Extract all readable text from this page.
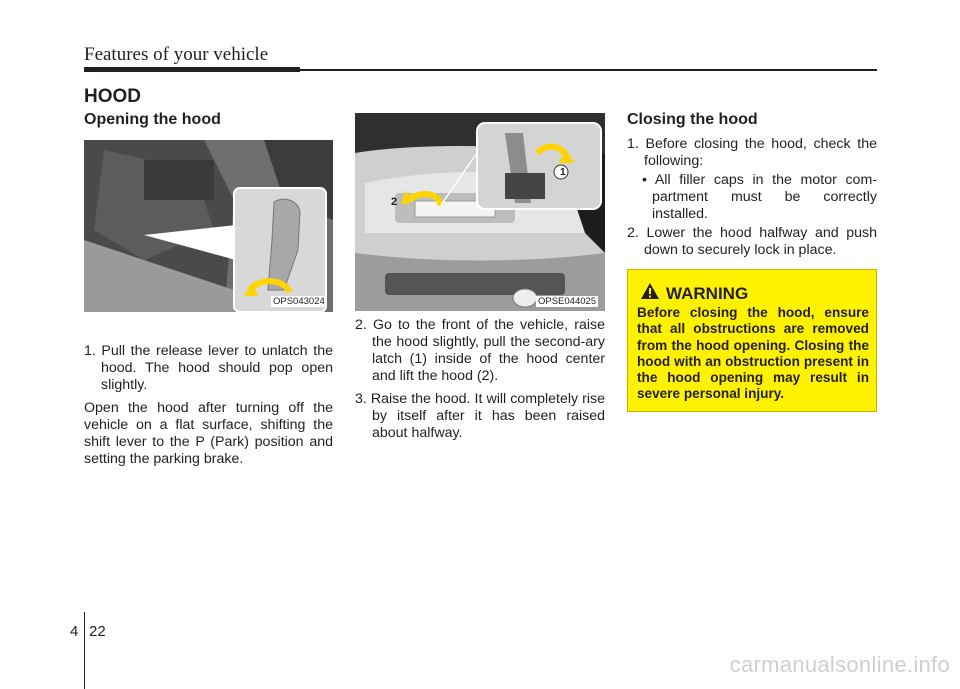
Features of your vehicle
HOOD
Opening the hood
OPS043024

1. Pull the release lever to unlatch the hood. The hood should pop open slightly.

Open the hood after turning off the vehicle on a flat surface, shifting the shift lever to the P (Park) position and setting the parking brake.

2
1
OPSE044025

2. Go to the front of the vehicle, raise the hood slightly, pull the second-ary latch (1) inside of the hood center and lift the hood (2).

3. Raise the hood. It will completely rise by itself after it has been raised about halfway.

Closing the hood

1. Before closing the hood, check the following:

• All filler caps in the motor com-partment must be correctly installed.

2. Lower the hood halfway and push down to securely lock in place.

WARNING
Before closing the hood, ensure that all obstructions are removed from the hood opening. Closing the hood with an obstruction present in the hood opening may result in severe personal injury.
4 22
carmanualsonline.info
